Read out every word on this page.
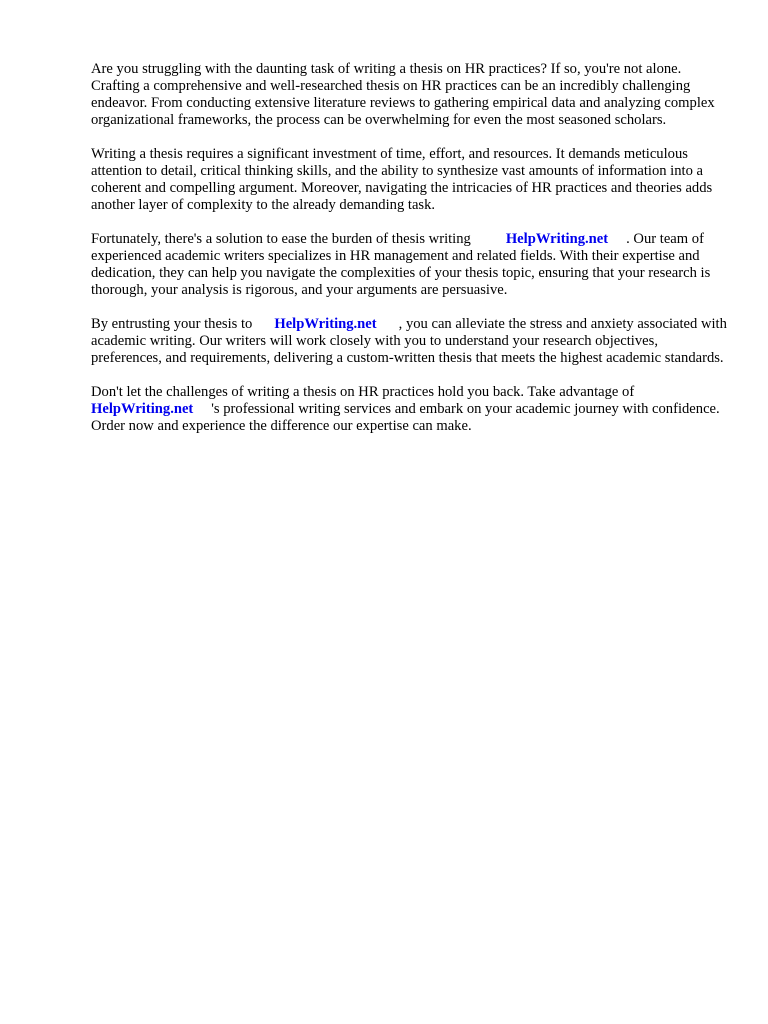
Are you struggling with the daunting task of writing a thesis on HR practices? If so, you're not alone. Crafting a comprehensive and well-researched thesis on HR practices can be an incredibly challenging endeavor. From conducting extensive literature reviews to gathering empirical data and analyzing complex organizational frameworks, the process can be overwhelming for even the most seasoned scholars.

Writing a thesis requires a significant investment of time, effort, and resources. It demands meticulous attention to detail, critical thinking skills, and the ability to synthesize vast amounts of information into a coherent and compelling argument. Moreover, navigating the intricacies of HR practices and theories adds another layer of complexity to the already demanding task.

Fortunately, there's a solution to ease the burden of thesis writing HelpWriting.net . Our team of experienced academic writers specializes in HR management and related fields. With their expertise and dedication, they can help you navigate the complexities of your thesis topic, ensuring that your research is thorough, your analysis is rigorous, and your arguments are persuasive.

By entrusting your thesis to HelpWriting.net , you can alleviate the stress and anxiety associated with academic writing. Our writers will work closely with you to understand your research objectives, preferences, and requirements, delivering a custom-written thesis that meets the highest academic standards.

Don't let the challenges of writing a thesis on HR practices hold you back. Take advantage of HelpWriting.net 's professional writing services and embark on your academic journey with confidence. Order now and experience the difference our expertise can make.
